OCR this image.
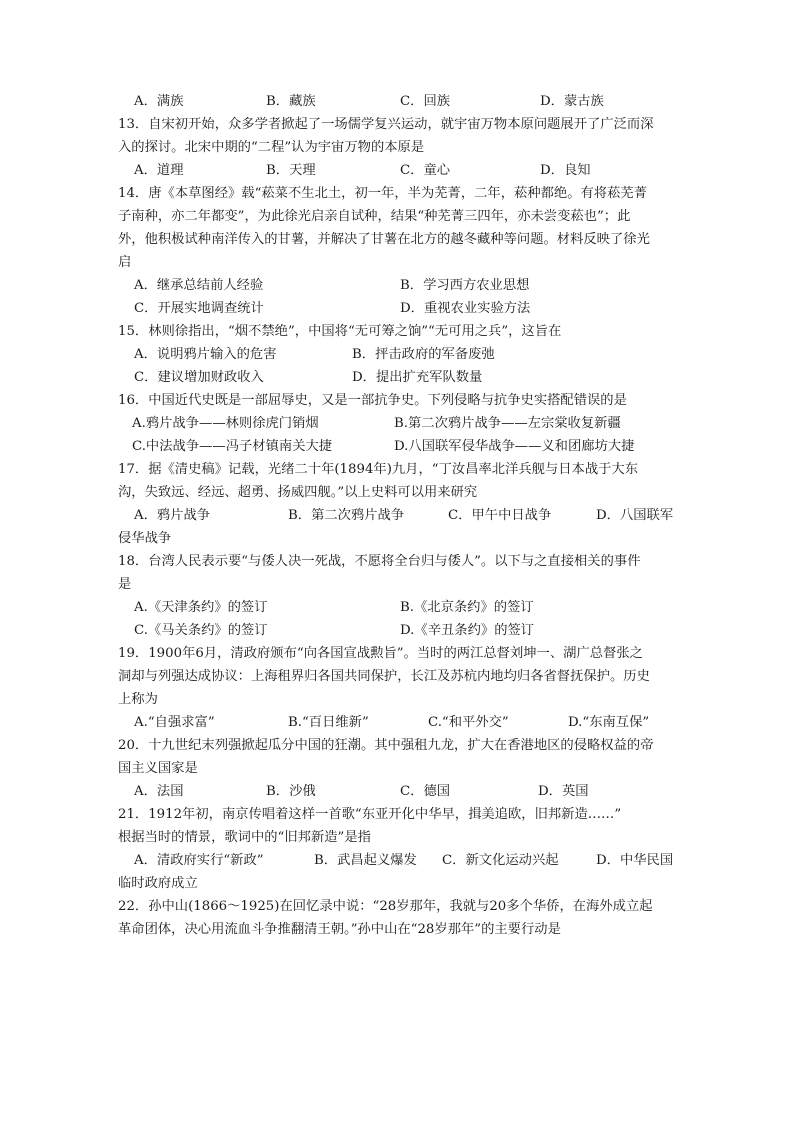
A．满族	B．藏族	C．回族	D．蒙古族
13．自宋初开始，众多学者掀起了一场儒学复兴运动，就宇宙万物本原问题展开了广泛而深
入的探讨。北宋中期的“二程”认为宇宙万物的本原是
A．道理	B．天理	C．童心	D．良知
14．唐《本草图经》载“菘菜不生北土，初一年，半为芜菁，二年，菘种都绝。有将菘芜菁
子南种，亦二年都变”，为此徐光启亲自试种，结果“种芜菁三四年，亦未尝变菘也”；此
外，他积极试种南洋传入的甘薯，并解决了甘薯在北方的越冬藏种等问题。材料反映了徐光
启
A．继承总结前人经验	B．学习西方农业思想
C．开展实地调查统计	D．重视农业实验方法
15．林则徐指出，“烟不禁绝”，中国将“无可筹之饷”“无可用之兵”，这旨在
A．说明鸦片输入的危害	B．抨击政府的军备废弛
C．建议增加财政收入	D．提出扩充军队数量
16．中国近代史既是一部屈辱史，又是一部抗争史。下列侵略与抗争史实搭配错误的是
A.鸦片战争——林则徐虎门销烟	B.第二次鸦片战争——左宗棠收复新疆
C.中法战争——冯子材镇南关大捷	D.八国联军侵华战争——义和团廊坊大捷
17．据《清史稿》记载，光绪二十年(1894年)九月，“丁汝昌率北洋兵舰与日本战于大东
沟，失致远、经远、超勇、扬威四舰。”以上史料可以用来研究
A．鸦片战争	B．第二次鸦片战争	C．甲午中日战争	D．八国联军
侵华战争
18．台湾人民表示要“与倭人决一死战，不愿将全台归与倭人”。以下与之直接相关的事件
是
A.《天津条约》的签订	B.《北京条约》的签订
C.《马关条约》的签订	D.《辛丑条约》的签订
19．1900年6月，清政府颁布“向各国宣战勲旨”。当时的两江总督刘坤一、湖广总督张之
洞却与列强达成协议：上海租界归各国共同保护，长江及苏杭内地均归各省督抚保护。历史
上称为
A.“自强求富”	B.“百日维新”	C.“和平外交”	D.“东南互保”
20．十九世纪末列强掀起瓜分中国的狂潮。其中强租九龙，扩大在香港地区的侵略权益的帝
国主义国家是
A．法国	B．沙俄	C．德国	D．英国
21．1912年初，南京传唱着这样一首歌“东亚开化中华早，揖美追欧，旧邦新造……”
根据当时的情景，歌词中的“旧邦新造”是指
A．清政府实行“新政”	B．武昌起义爆发 C．新文化运动兴起	D．中华民国
临时政府成立
22．孙中山(1866～1925)在回忆录中说：“28岁那年，我就与20多个华侨，在海外成立起
革命团体，决心用流血斗争推翻清王朝。”孙中山在“28岁那年”的主要行动是
